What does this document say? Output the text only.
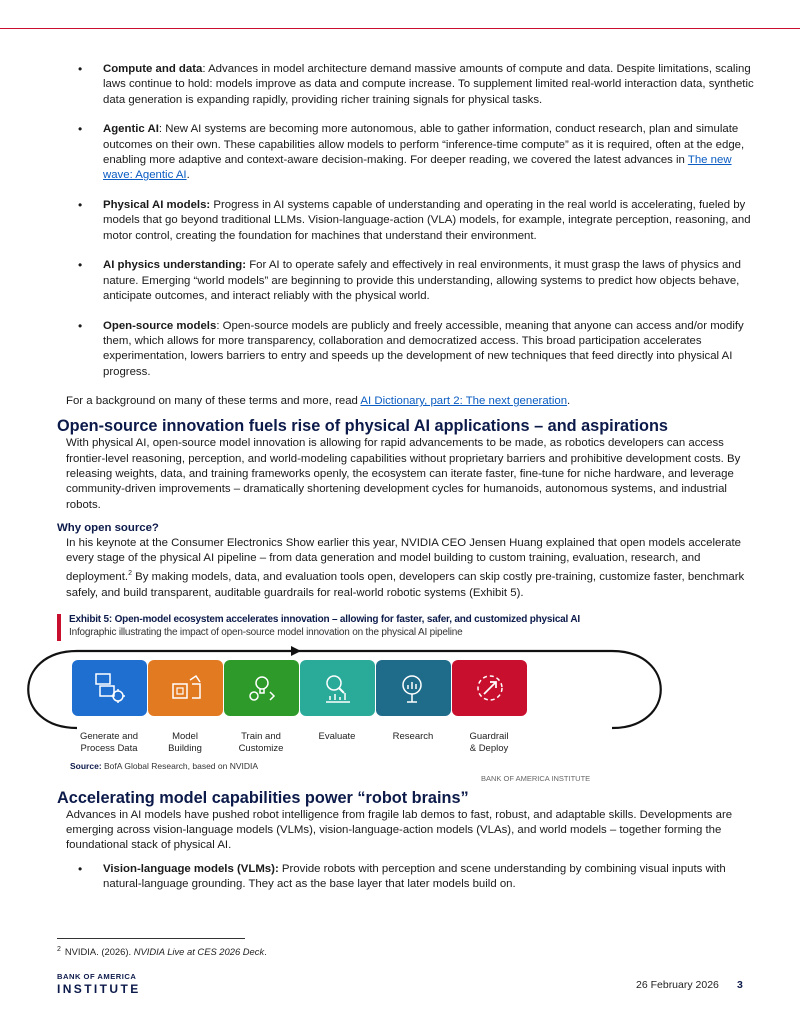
• Compute and data: Advances in model architecture demand massive amounts of compute and data. Despite limitations, scaling laws continue to hold: models improve as data and compute increase. To supplement limited real-world interaction data, synthetic data generation is expanding rapidly, providing richer training signals for physical tasks.
• Agentic AI: New AI systems are becoming more autonomous, able to gather information, conduct research, plan and simulate outcomes on their own. These capabilities allow models to perform “inference-time compute” as it is required, often at the edge, enabling more adaptive and context-aware decision-making. For deeper reading, we covered the latest advances in The new wave: Agentic AI.
• Physical AI models: Progress in AI systems capable of understanding and operating in the real world is accelerating, fueled by models that go beyond traditional LLMs. Vision-language-action (VLA) models, for example, integrate perception, reasoning, and motor control, creating the foundation for machines that understand their environment.
• AI physics understanding: For AI to operate safely and effectively in real environments, it must grasp the laws of physics and nature. Emerging “world models” are beginning to provide this understanding, allowing systems to predict how objects behave, anticipate outcomes, and interact reliably with the physical world.
• Open-source models: Open-source models are publicly and freely accessible, meaning that anyone can access and/or modify them, which allows for more transparency, collaboration and democratized access. This broad participation accelerates experimentation, lowers barriers to entry and speeds up the development of new techniques that feed directly into physical AI progress.

For a background on many of these terms and more, read AI Dictionary, part 2: The next generation.

Open-source innovation fuels rise of physical AI applications – and aspirations

With physical AI, open-source model innovation is allowing for rapid advancements to be made, as robotics developers can access frontier-level reasoning, perception, and world-modeling capabilities without proprietary barriers and prohibitive development costs. By releasing weights, data, and training frameworks openly, the ecosystem can iterate faster, fine-tune for niche hardware, and leverage community-driven improvements – dramatically shortening development cycles for humanoids, autonomous systems, and industrial robots.

Why open source?

In his keynote at the Consumer Electronics Show earlier this year, NVIDIA CEO Jensen Huang explained that open models accelerate every stage of the physical AI pipeline – from data generation and model building to custom training, evaluation, research, and deployment.$^2$ By making models, data, and evaluation tools open, developers can skip costly pre-training, customize faster, benchmark safely, and build transparent, auditable guardrails for real-world robotic systems (Exhibit 5).

Exhibit 5: Open-model ecosystem accelerates innovation – allowing for faster, safer, and customized physical AI
Infographic illustrating the impact of open-source model innovation on the physical AI pipeline
Generate and
Process Data
Model
Building
Train and
Customize
Evaluate	Research	Guardrail
& Deploy
Source: BofA Global Research, based on NVIDIA
BANK OF AMERICA INSTITUTE
Accelerating model capabilities power “robot brains”

Advances in AI models have pushed robot intelligence from fragile lab demos to fast, robust, and adaptable skills. Developments are emerging across vision-language models (VLMs), vision-language-action models (VLAs), and world models – together forming the foundational stack of physical AI.

• Vision-language models (VLMs): Provide robots with perception and scene understanding by combining visual inputs with natural-language grounding. They act as the base layer that later models build on.
$^2$ NVIDIA. (2026). NVIDIA Live at CES 2026 Deck.
BANK OF AMERICA
INSTITUTE	26 February 2026 3
